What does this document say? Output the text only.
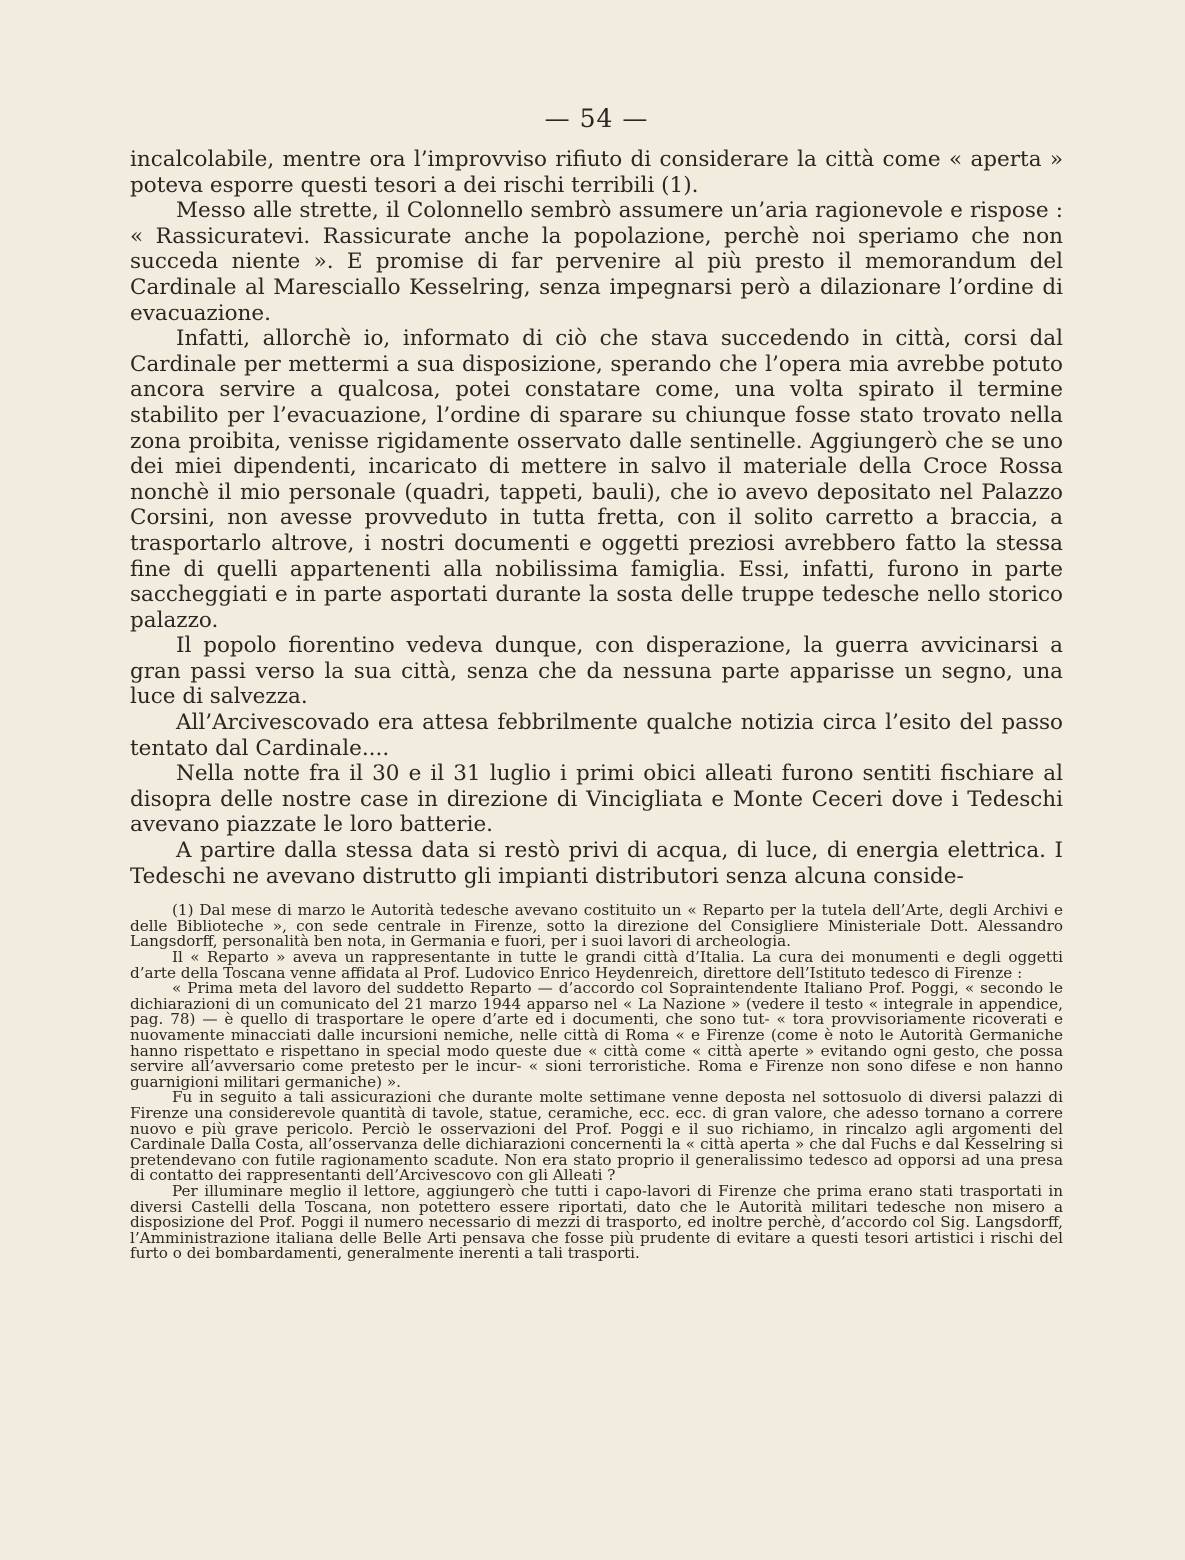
— 54 —

incalcolabile, mentre ora l’improvviso rifiuto di considerare la città come « aperta » poteva esporre questi tesori a dei rischi terribili (1).

Messo alle strette, il Colonnello sembrò assumere un’aria ragionevole e rispose : « Rassicuratevi. Rassicurate anche la popolazione, perchè noi speriamo che non succeda niente ». E promise di far pervenire al più presto il memorandum del Cardinale al Maresciallo Kesselring, senza impegnarsi però a dilazionare l’ordine di evacuazione.

Infatti, allorchè io, informato di ciò che stava succedendo in città, corsi dal Cardinale per mettermi a sua disposizione, sperando che l’opera mia avrebbe potuto ancora servire a qualcosa, potei constatare come, una volta spirato il termine stabilito per l’evacuazione, l’ordine di sparare su chiunque fosse stato trovato nella zona proibita, venisse rigidamente osservato dalle sentinelle. Aggiungerò che se uno dei miei dipendenti, incaricato di mettere in salvo il materiale della Croce Rossa nonchè il mio personale (quadri, tappeti, bauli), che io avevo depositato nel Palazzo Corsini, non avesse provveduto in tutta fretta, con il solito carretto a braccia, a trasportarlo altrove, i nostri documenti e oggetti preziosi avrebbero fatto la stessa fine di quelli appartenenti alla nobilissima famiglia. Essi, infatti, furono in parte saccheggiati e in parte asportati durante la sosta delle truppe tedesche nello storico palazzo.

Il popolo fiorentino vedeva dunque, con disperazione, la guerra avvicinarsi a gran passi verso la sua città, senza che da nessuna parte apparisse un segno, una luce di salvezza.

All’Arcivescovado era attesa febbrilmente qualche notizia circa l’esito del passo tentato dal Cardinale....

Nella notte fra il 30 e il 31 luglio i primi obici alleati furono sentiti fischiare al disopra delle nostre case in direzione di Vincigliata e Monte Ceceri dove i Tedeschi avevano piazzate le loro batterie.

A partire dalla stessa data si restò privi di acqua, di luce, di energia elettrica. I Tedeschi ne avevano distrutto gli impianti distributori senza alcuna conside-

(1) Dal mese di marzo le Autorità tedesche avevano costituito un « Reparto per la tutela dell’Arte, degli Archivi e delle Biblioteche », con sede centrale in Firenze, sotto la direzione del Consigliere Ministeriale Dott. Alessandro Langsdorff, personalità ben nota, in Germania e fuori, per i suoi lavori di archeologia.

Il « Reparto » aveva un rappresentante in tutte le grandi città d’Italia. La cura dei monumenti e degli oggetti d’arte della Toscana venne affidata al Prof. Ludovico Enrico Heydenreich, direttore dell’Istituto tedesco di Firenze :

« Prima meta del lavoro del suddetto Reparto — d’accordo col Sopraintendente Italiano Prof. Poggi, « secondo le dichiarazioni di un comunicato del 21 marzo 1944 apparso nel « La Nazione » (vedere il testo « integrale in appendice, pag. 78) — è quello di trasportare le opere d’arte ed i documenti, che sono tut- « tora provvisoriamente ricoverati e nuovamente minacciati dalle incursioni nemiche, nelle città di Roma « e Firenze (come è noto le Autorità Germaniche hanno rispettato e rispettano in special modo queste due « città come « città aperte » evitando ogni gesto, che possa servire all’avversario come pretesto per le incur- « sioni terroristiche. Roma e Firenze non sono difese e non hanno guarnigioni militari germaniche) ».

Fu in seguito a tali assicurazioni che durante molte settimane venne deposta nel sottosuolo di diversi palazzi di Firenze una considerevole quantità di tavole, statue, ceramiche, ecc. ecc. di gran valore, che adesso tornano a correre nuovo e più grave pericolo. Perciò le osservazioni del Prof. Poggi e il suo richiamo, in rincalzo agli argomenti del Cardinale Dalla Costa, all’osservanza delle dichiarazioni concernenti la « città aperta » che dal Fuchs e dal Kesselring si pretendevano con futile ragionamento scadute. Non era stato proprio il generalissimo tedesco ad opporsi ad una presa di contatto dei rappresentanti dell’Arcivescovo con gli Alleati ?

Per illuminare meglio il lettore, aggiungerò che tutti i capo-lavori di Firenze che prima erano stati trasportati in diversi Castelli della Toscana, non potettero essere riportati, dato che le Autorità militari tedesche non misero a disposizione del Prof. Poggi il numero necessario di mezzi di trasporto, ed inoltre perchè, d’accordo col Sig. Langsdorff, l’Amministrazione italiana delle Belle Arti pensava che fosse più prudente di evitare a questi tesori artistici i rischi del furto o dei bombardamenti, generalmente inerenti a tali trasporti.
